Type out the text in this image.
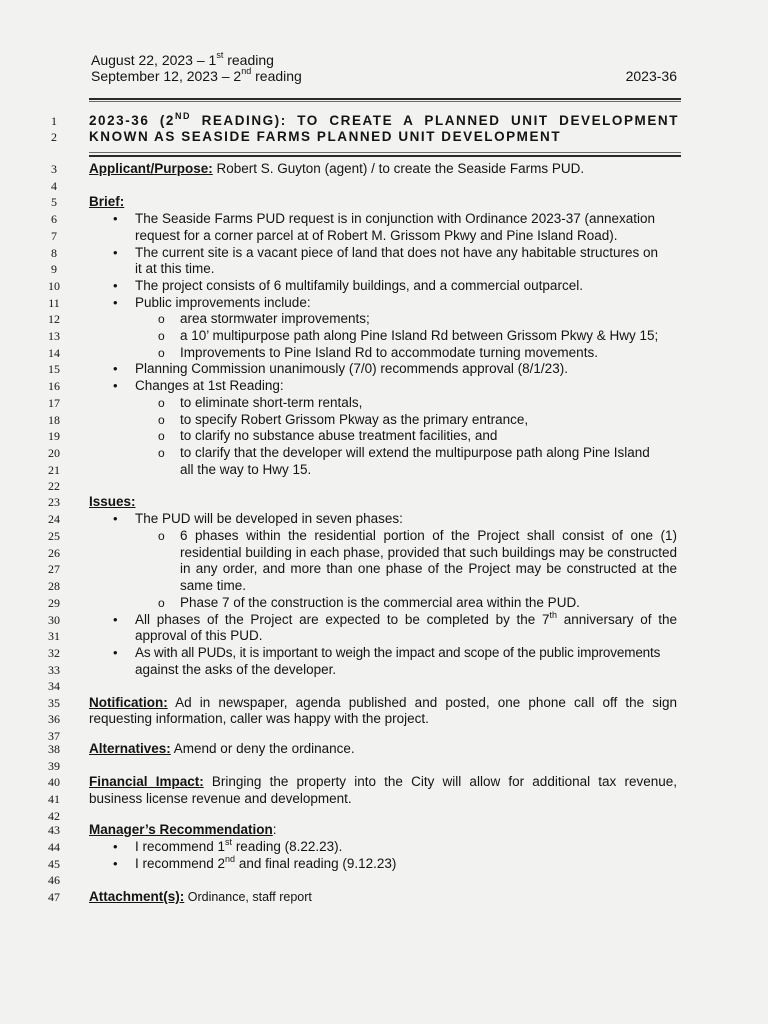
August 22, 2023 – 1st reading
September 12, 2023 – 2nd reading	2023-36
1
2
3
4
5
6
7
8
9
10
11
12
13
14
15
16
17
18
19
20
21
22
23
24
25
26
27
28
29
30
31
32
33
34
35
36
37
38
39
40
41
42
43
44
45
46
47
2023-36 (2ND READING): TO CREATE A PLANNED UNIT DEVELOPMENT
KNOWN AS SEASIDE FARMS PLANNED UNIT DEVELOPMENT
Applicant/Purpose: Robert S. Guyton (agent) / to create the Seaside Farms PUD.
Brief:
• The Seaside Farms PUD request is in conjunction with Ordinance 2023-37 (annexation
request for a corner parcel at of Robert M. Grissom Pkwy and Pine Island Road).
• The current site is a vacant piece of land that does not have any habitable structures on
it at this time.
• The project consists of 6 multifamily buildings, and a commercial outparcel.
• Public improvements include:
o area stormwater improvements;
o a 10’ multipurpose path along Pine Island Rd between Grissom Pkwy & Hwy 15;
o Improvements to Pine Island Rd to accommodate turning movements.
• Planning Commission unanimously (7/0) recommends approval (8/1/23).
• Changes at 1st Reading:
o to eliminate short-term rentals,
o to specify Robert Grissom Pkway as the primary entrance,
o to clarify no substance abuse treatment facilities, and
o to clarify that the developer will extend the multipurpose path along Pine Island
all the way to Hwy 15.
Issues:
• The PUD will be developed in seven phases:
o 6 phases within the residential portion of the Project shall consist of one (1)
residential building in each phase, provided that such buildings may be constructed
in any order, and more than one phase of the Project may be constructed at the
same time.
o Phase 7 of the construction is the commercial area within the PUD.
• All phases of the Project are expected to be completed by the 7th anniversary of the
approval of this PUD.
• As with all PUDs, it is important to weigh the impact and scope of the public improvements
against the asks of the developer.
Notification: Ad in newspaper, agenda published and posted, one phone call off the sign
requesting information, caller was happy with the project.
Alternatives: Amend or deny the ordinance.
Financial Impact: Bringing the property into the City will allow for additional tax revenue,
business license revenue and development.
Manager’s Recommendation:
• I recommend 1st reading (8.22.23).
• I recommend 2nd and final reading (9.12.23)
Attachment(s): Ordinance, staff report
